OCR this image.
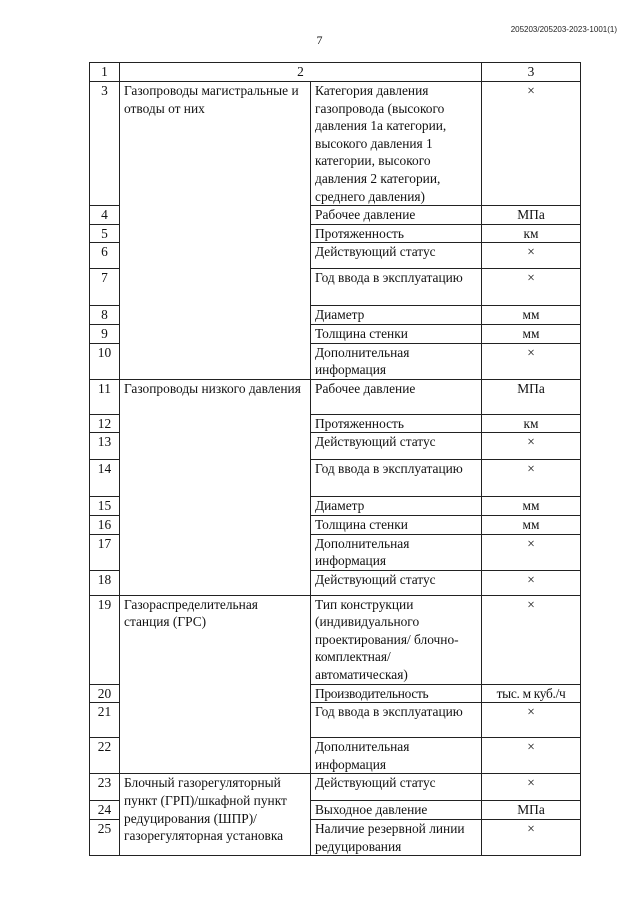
205203/205203-2023-1001(1)
7
1	2		3
3	Газопроводы магистральные и отводы от них	Категория давления газопровода (высокого давления 1а категории, высокого давления 1 категории, высокого давления 2 категории, среднего давления)	×
4		Рабочее давление	МПа
5		Протяженность	км
6		Действующий статус	×
7		Год ввода в эксплуатацию	×
8		Диаметр	мм
9		Толщина стенки	мм
10		Дополнительная информация	×
11	Газопроводы низкого давления	Рабочее давление	МПа
12		Протяженность	км
13		Действующий статус	×
14		Год ввода в эксплуатацию	×
15		Диаметр	мм
16		Толщина стенки	мм
17		Дополнительная информация	×
18		Действующий статус	×
19	Газораспределительная станция (ГРС)	Тип конструкции (индивидуального проектирования/ блочно-комплектная/ автоматическая)	×
20		Производительность	тыс. м куб./ч
21		Год ввода в эксплуатацию	×
22		Дополнительная информация	×
23	Блочный газорегуляторный пункт (ГРП)/шкафной пункт редуцирования (ШПР)/ газорегуляторная установка	Действующий статус	×
24		Выходное давление	МПа
25		Наличие резервной линии редуцирования	×
